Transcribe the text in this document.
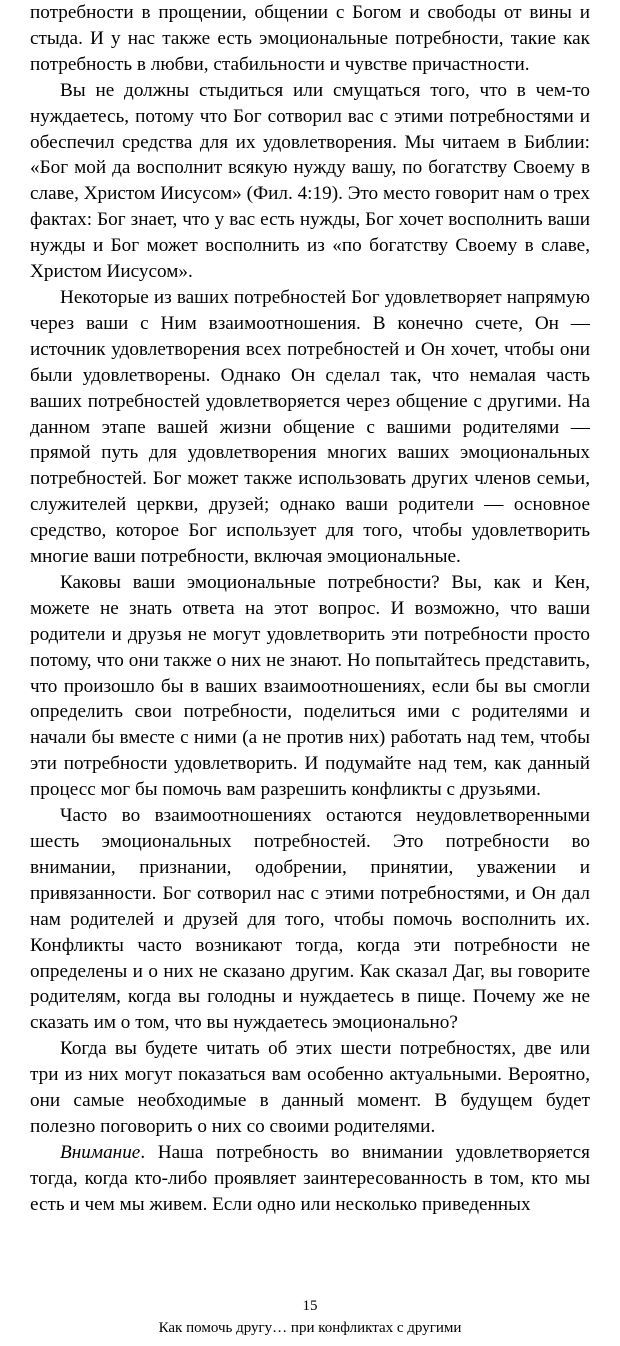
потребности в прощении, общении с Богом и свободы от вины и стыда. И у нас также есть эмоциональные потребности, такие как потребность в любви, стабильности и чувстве причастности.

Вы не должны стыдиться или смущаться того, что в чем-то нуждаетесь, потому что Бог сотворил вас с этими потребностями и обеспечил средства для их удовлетворения. Мы читаем в Библии: «Бог мой да восполнит всякую нужду вашу, по богатству Своему в славе, Христом Иисусом» (Фил. 4:19). Это место говорит нам о трех фактах: Бог знает, что у вас есть нужды, Бог хочет восполнить ваши нужды и Бог может восполнить из «по богатству Своему в славе, Христом Иисусом».

Некоторые из ваших потребностей Бог удовлетворяет напрямую через ваши с Ним взаимоотношения. В конечно счете, Он — источник удовлетворения всех потребностей и Он хочет, чтобы они были удовлетворены. Однако Он сделал так, что немалая часть ваших потребностей удовлетворяется через общение с другими. На данном этапе вашей жизни общение с вашими родителями — прямой путь для удовлетворения многих ваших эмоциональных потребностей. Бог может также использовать других членов семьи, служителей церкви, друзей; однако ваши родители — основное средство, которое Бог использует для того, чтобы удовлетворить многие ваши потребности, включая эмоциональные.

Каковы ваши эмоциональные потребности? Вы, как и Кен, можете не знать ответа на этот вопрос. И возможно, что ваши родители и друзья не могут удовлетворить эти потребности просто потому, что они также о них не знают. Но попытайтесь представить, что произошло бы в ваших взаимоотношениях, если бы вы смогли определить свои потребности, поделиться ими с родителями и начали бы вместе с ними (а не против них) работать над тем, чтобы эти потребности удовлетворить. И подумайте над тем, как данный процесс мог бы помочь вам разрешить конфликты с друзьями.

Часто во взаимоотношениях остаются неудовлетворенными шесть эмоциональных потребностей. Это потребности во внимании, признании, одобрении, принятии, уважении и привязанности. Бог сотворил нас с этими потребностями, и Он дал нам родителей и друзей для того, чтобы помочь восполнить их. Конфликты часто возникают тогда, когда эти потребности не определены и о них не сказано другим. Как сказал Даг, вы говорите родителям, когда вы голодны и нуждаетесь в пище. Почему же не сказать им о том, что вы нуждаетесь эмоционально?

Когда вы будете читать об этих шести потребностях, две или три из них могут показаться вам особенно актуальными. Вероятно, они самые необходимые в данный момент. В будущем будет полезно поговорить о них со своими родителями.

Внимание. Наша потребность во внимании удовлетворяется тогда, когда кто-либо проявляет заинтересованность в том, кто мы есть и чем мы живем. Если одно или несколько приведенных

15
Как помочь другу… при конфликтах с другими
